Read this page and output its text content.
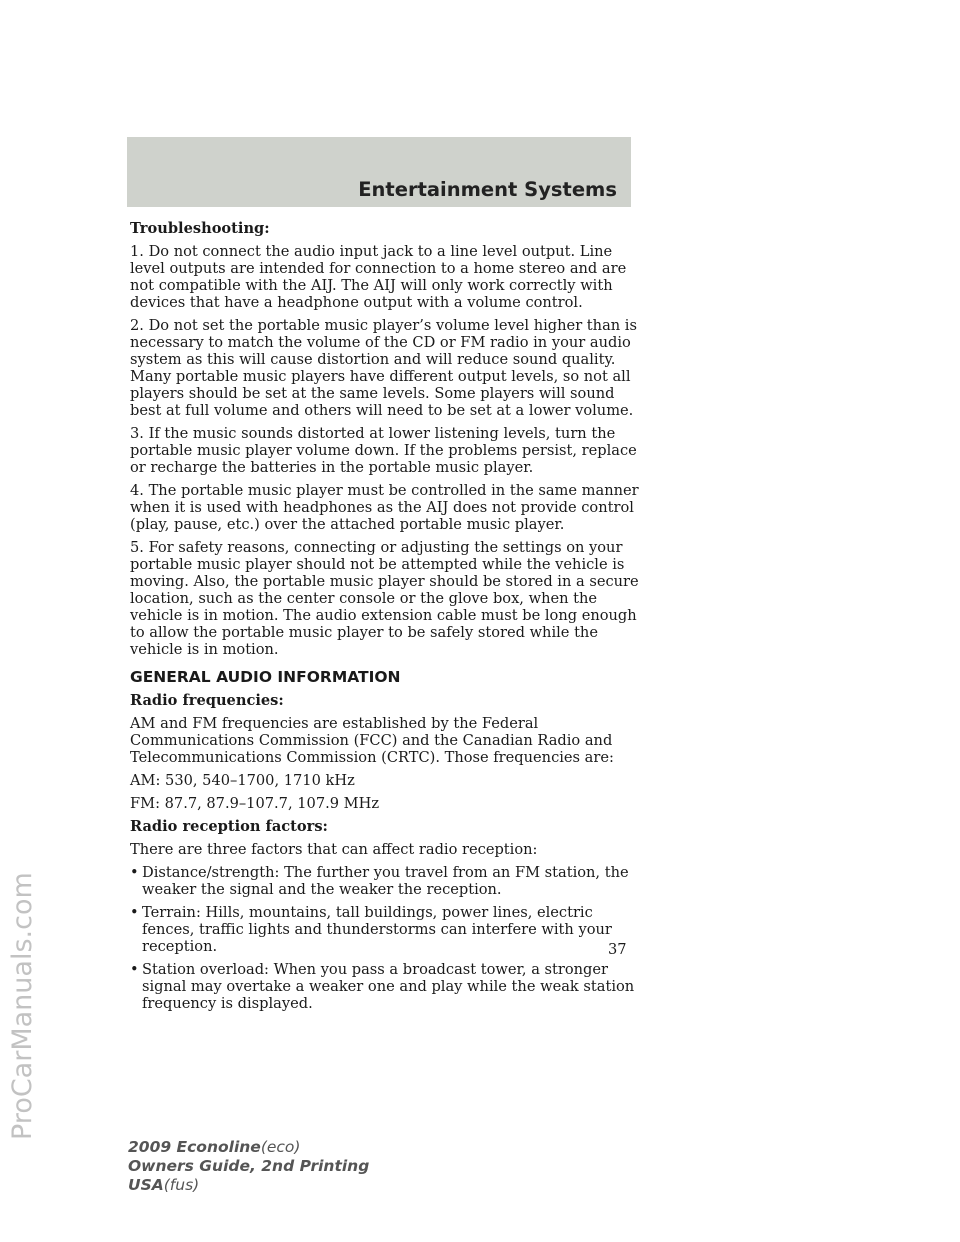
Entertainment Systems
ProCarManuals.com

Troubleshooting:

1. Do not connect the audio input jack to a line level output. Line level outputs are intended for connection to a home stereo and are not compatible with the AIJ. The AIJ will only work correctly with devices that have a headphone output with a volume control.

2. Do not set the portable music player’s volume level higher than is necessary to match the volume of the CD or FM radio in your audio system as this will cause distortion and will reduce sound quality. Many portable music players have different output levels, so not all players should be set at the same levels. Some players will sound best at full volume and others will need to be set at a lower volume.

3. If the music sounds distorted at lower listening levels, turn the portable music player volume down. If the problems persist, replace or recharge the batteries in the portable music player.

4. The portable music player must be controlled in the same manner when it is used with headphones as the AIJ does not provide control (play, pause, etc.) over the attached portable music player.

5. For safety reasons, connecting or adjusting the settings on your portable music player should not be attempted while the vehicle is moving. Also, the portable music player should be stored in a secure location, such as the center console or the glove box, when the vehicle is in motion. The audio extension cable must be long enough to allow the portable music player to be safely stored while the vehicle is in motion.

GENERAL AUDIO INFORMATION

Radio frequencies:

AM and FM frequencies are established by the Federal Communications Commission (FCC) and the Canadian Radio and Telecommunications Commission (CRTC). Those frequencies are:

AM: 530, 540–1700, 1710 kHz

FM: 87.7, 87.9–107.7, 107.9 MHz

Radio reception factors:

There are three factors that can affect radio reception:

• Distance/strength: The further you travel from an FM station, the weaker the signal and the weaker the reception.
• Terrain: Hills, mountains, tall buildings, power lines, electric fences, traffic lights and thunderstorms can interfere with your reception.
• Station overload: When you pass a broadcast tower, a stronger signal may overtake a weaker one and play while the weak station frequency is displayed.
37
2009 Econoline(eco)
Owners Guide, 2nd Printing
USA(fus)
